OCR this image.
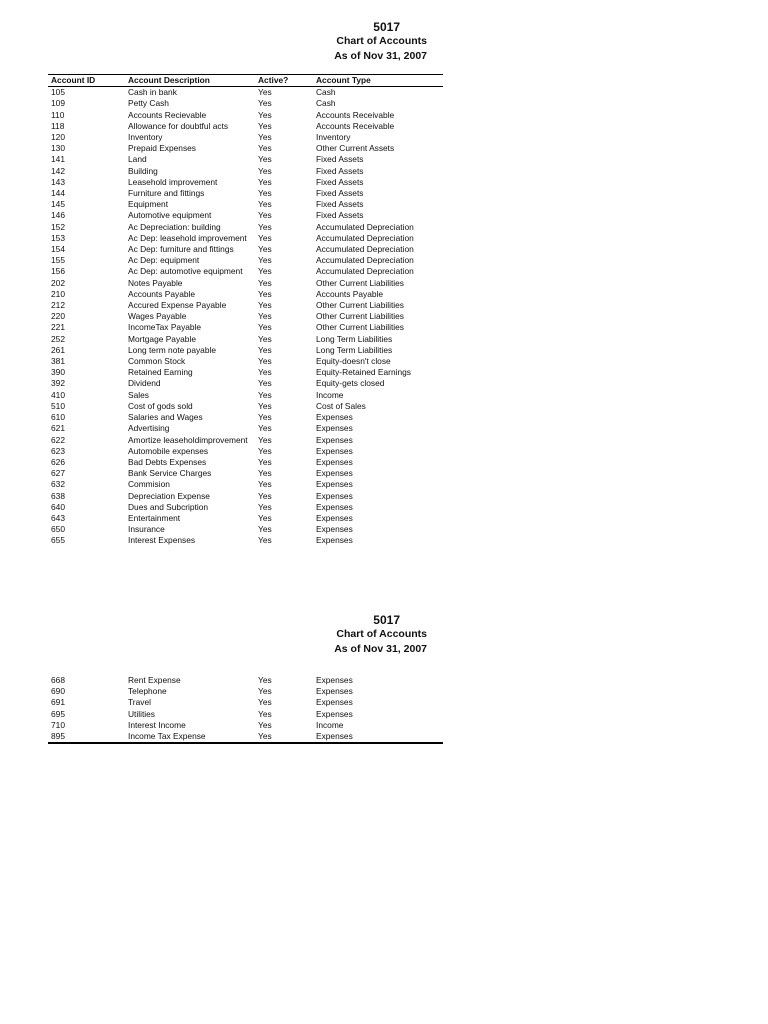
5017
Chart of Accounts
As of Nov 31, 2007
Account ID	Account Description	Active?	Account Type
105	Cash in bank	Yes	Cash
109	Petty Cash	Yes	Cash
110	Accounts Recievable	Yes	Accounts Receivable
118	Allowance for doubtful acts	Yes	Accounts Receivable
120	Inventory	Yes	Inventory
130	Prepaid Expenses	Yes	Other Current Assets
141	Land	Yes	Fixed Assets
142	Building	Yes	Fixed Assets
143	Leasehold improvement	Yes	Fixed Assets
144	Furniture and fittings	Yes	Fixed Assets
145	Equipment	Yes	Fixed Assets
146	Automotive equipment	Yes	Fixed Assets
152	Ac Depreciation: building	Yes	Accumulated Depreciation
153	Ac Dep: leasehold improvement	Yes	Accumulated Depreciation
154	Ac Dep: furniture and fittings	Yes	Accumulated Depreciation
155	Ac Dep: equipment	Yes	Accumulated Depreciation
156	Ac Dep: automotive equipment	Yes	Accumulated Depreciation
202	Notes Payable	Yes	Other Current Liabilities
210	Accounts Payable	Yes	Accounts Payable
212	Accured Expense Payable	Yes	Other Current Liabilities
220	Wages Payable	Yes	Other Current Liabilities
221	IncomeTax Payable	Yes	Other Current Liabilities
252	Mortgage Payable	Yes	Long Term Liabilities
261	Long term note payable	Yes	Long Term Liabilities
381	Common Stock	Yes	Equity-doesn't close
390	Retained Earning	Yes	Equity-Retained Earnings
392	Dividend	Yes	Equity-gets closed
410	Sales	Yes	Income
510	Cost of gods sold	Yes	Cost of Sales
610	Salaries and Wages	Yes	Expenses
621	Advertising	Yes	Expenses
622	Amortize leaseholdimprovement	Yes	Expenses
623	Automobile expenses	Yes	Expenses
626	Bad Debts Expenses	Yes	Expenses
627	Bank Service Charges	Yes	Expenses
632	Commision	Yes	Expenses
638	Depreciation Expense	Yes	Expenses
640	Dues and Subcription	Yes	Expenses
643	Entertainment	Yes	Expenses
650	Insurance	Yes	Expenses
655	Interest Expenses	Yes	Expenses
5017
Chart of Accounts
As of Nov 31, 2007
668	Rent Expense	Yes	Expenses
690	Telephone	Yes	Expenses
691	Travel	Yes	Expenses
695	Utilities	Yes	Expenses
710	Interest Income	Yes	Income
895	Income Tax Expense	Yes	Expenses
